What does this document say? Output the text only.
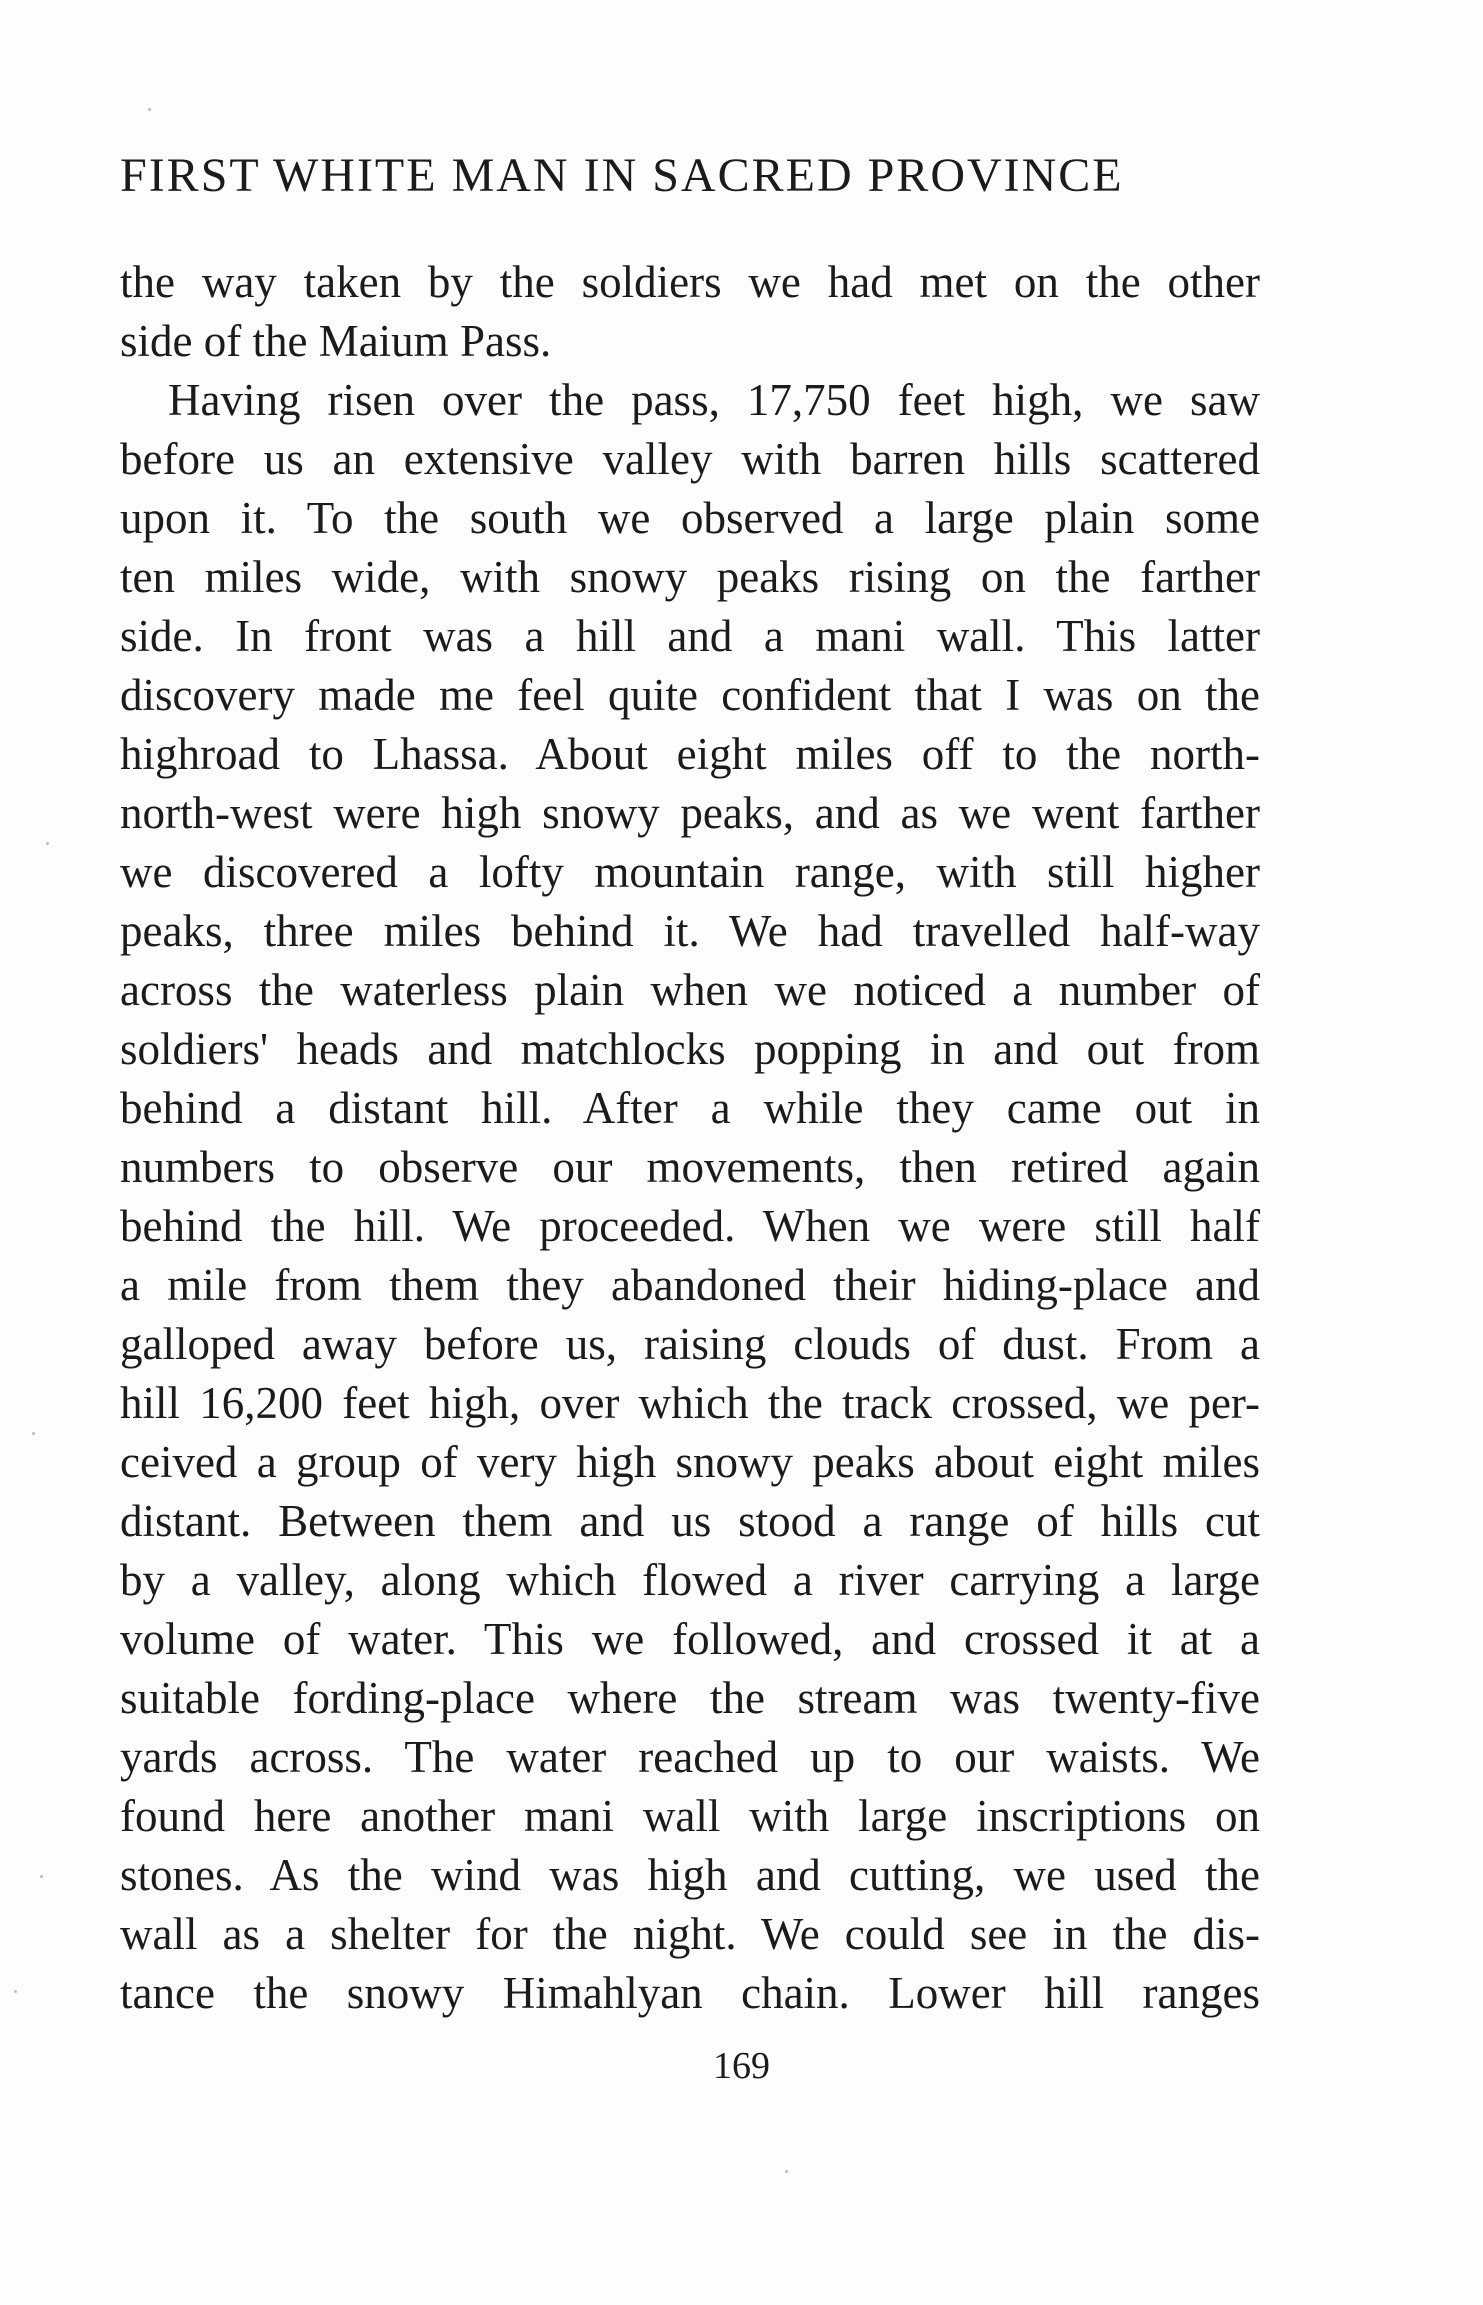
FIRST WHITE MAN IN SACRED PROVINCE
the way taken by the soldiers we had met on the other
side of the Maium Pass.
Having risen over the pass, 17,750 feet high, we saw
before us an extensive valley with barren hills scattered
upon it. To the south we observed a large plain some
ten miles wide, with snowy peaks rising on the farther
side. In front was a hill and a mani wall. This latter
discovery made me feel quite confident that I was on the
highroad to Lhassa. About eight miles off to the north-
north-west were high snowy peaks, and as we went farther
we discovered a lofty mountain range, with still higher
peaks, three miles behind it. We had travelled half-way
across the waterless plain when we noticed a number of
soldiers' heads and matchlocks popping in and out from
behind a distant hill. After a while they came out in
numbers to observe our movements, then retired again
behind the hill. We proceeded. When we were still half
a mile from them they abandoned their hiding-place and
galloped away before us, raising clouds of dust. From a
hill 16,200 feet high, over which the track crossed, we per-
ceived a group of very high snowy peaks about eight miles
distant. Between them and us stood a range of hills cut
by a valley, along which flowed a river carrying a large
volume of water. This we followed, and crossed it at a
suitable fording-place where the stream was twenty-five
yards across. The water reached up to our waists. We
found here another mani wall with large inscriptions on
stones. As the wind was high and cutting, we used the
wall as a shelter for the night. We could see in the dis-
tance the snowy Himahlyan chain. Lower hill ranges
169
